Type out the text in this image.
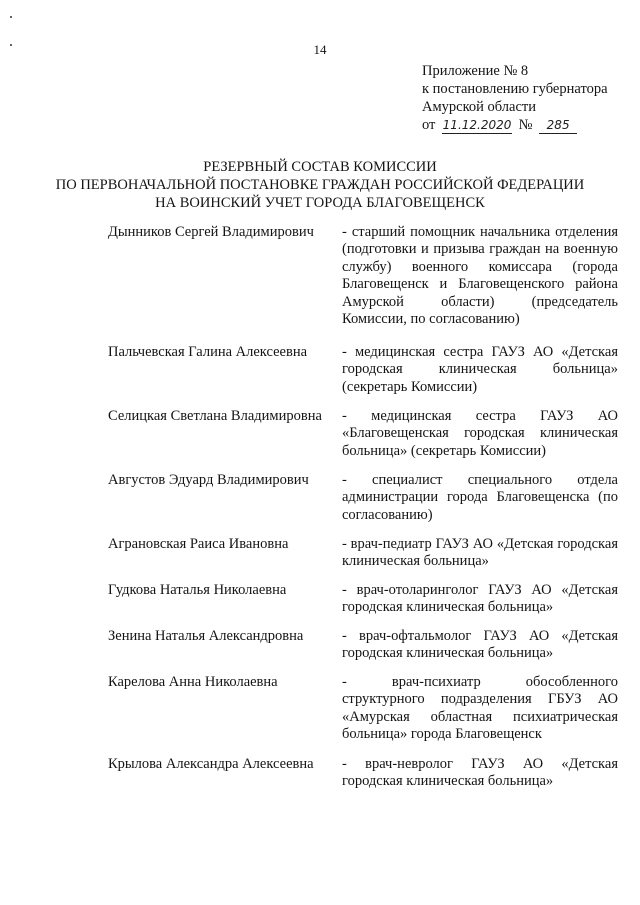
14
Приложение № 8
к постановлению губернатора
Амурской области
от 11.12.2020 № 285
РЕЗЕРВНЫЙ СОСТАВ КОМИССИИ
ПО ПЕРВОНАЧАЛЬНОЙ ПОСТАНОВКЕ ГРАЖДАН РОССИЙСКОЙ ФЕДЕРАЦИИ
НА ВОИНСКИЙ УЧЕТ ГОРОДА БЛАГОВЕЩЕНСК
Дынников Сергей Владимирович	- старший помощник начальника отделения (подготовки и призыва граждан на военную службу) военного комиссара (города Благовещенск и Благовещенского района Амурской области) (председатель Комиссии, по согласованию)
Пальчевская Галина Алексеевна	- медицинская сестра ГАУЗ АО «Детская городская клиническая больница» (секретарь Комиссии)
Селицкая Светлана Владимировна	- медицинская сестра ГАУЗ АО «Благовещенская городская клиническая больница» (секретарь Комиссии)
Августов Эдуард Владимирович	- специалист специального отдела администрации города Благовещенска (по согласованию)
Аграновская Раиса Ивановна	- врач-педиатр ГАУЗ АО «Детская городская клиническая больница»
Гудкова Наталья Николаевна	- врач-отоларинголог ГАУЗ АО «Детская городская клиническая больница»
Зенина Наталья Александровна	- врач-офтальмолог ГАУЗ АО «Детская городская клиническая больница»
Карелова Анна Николаевна	- врач-психиатр обособленного структурного подразделения ГБУЗ АО «Амурская областная психиатрическая больница» города Благовещенск
Крылова Александра Алексеевна	- врач-невролог ГАУЗ АО «Детская городская клиническая больница»
